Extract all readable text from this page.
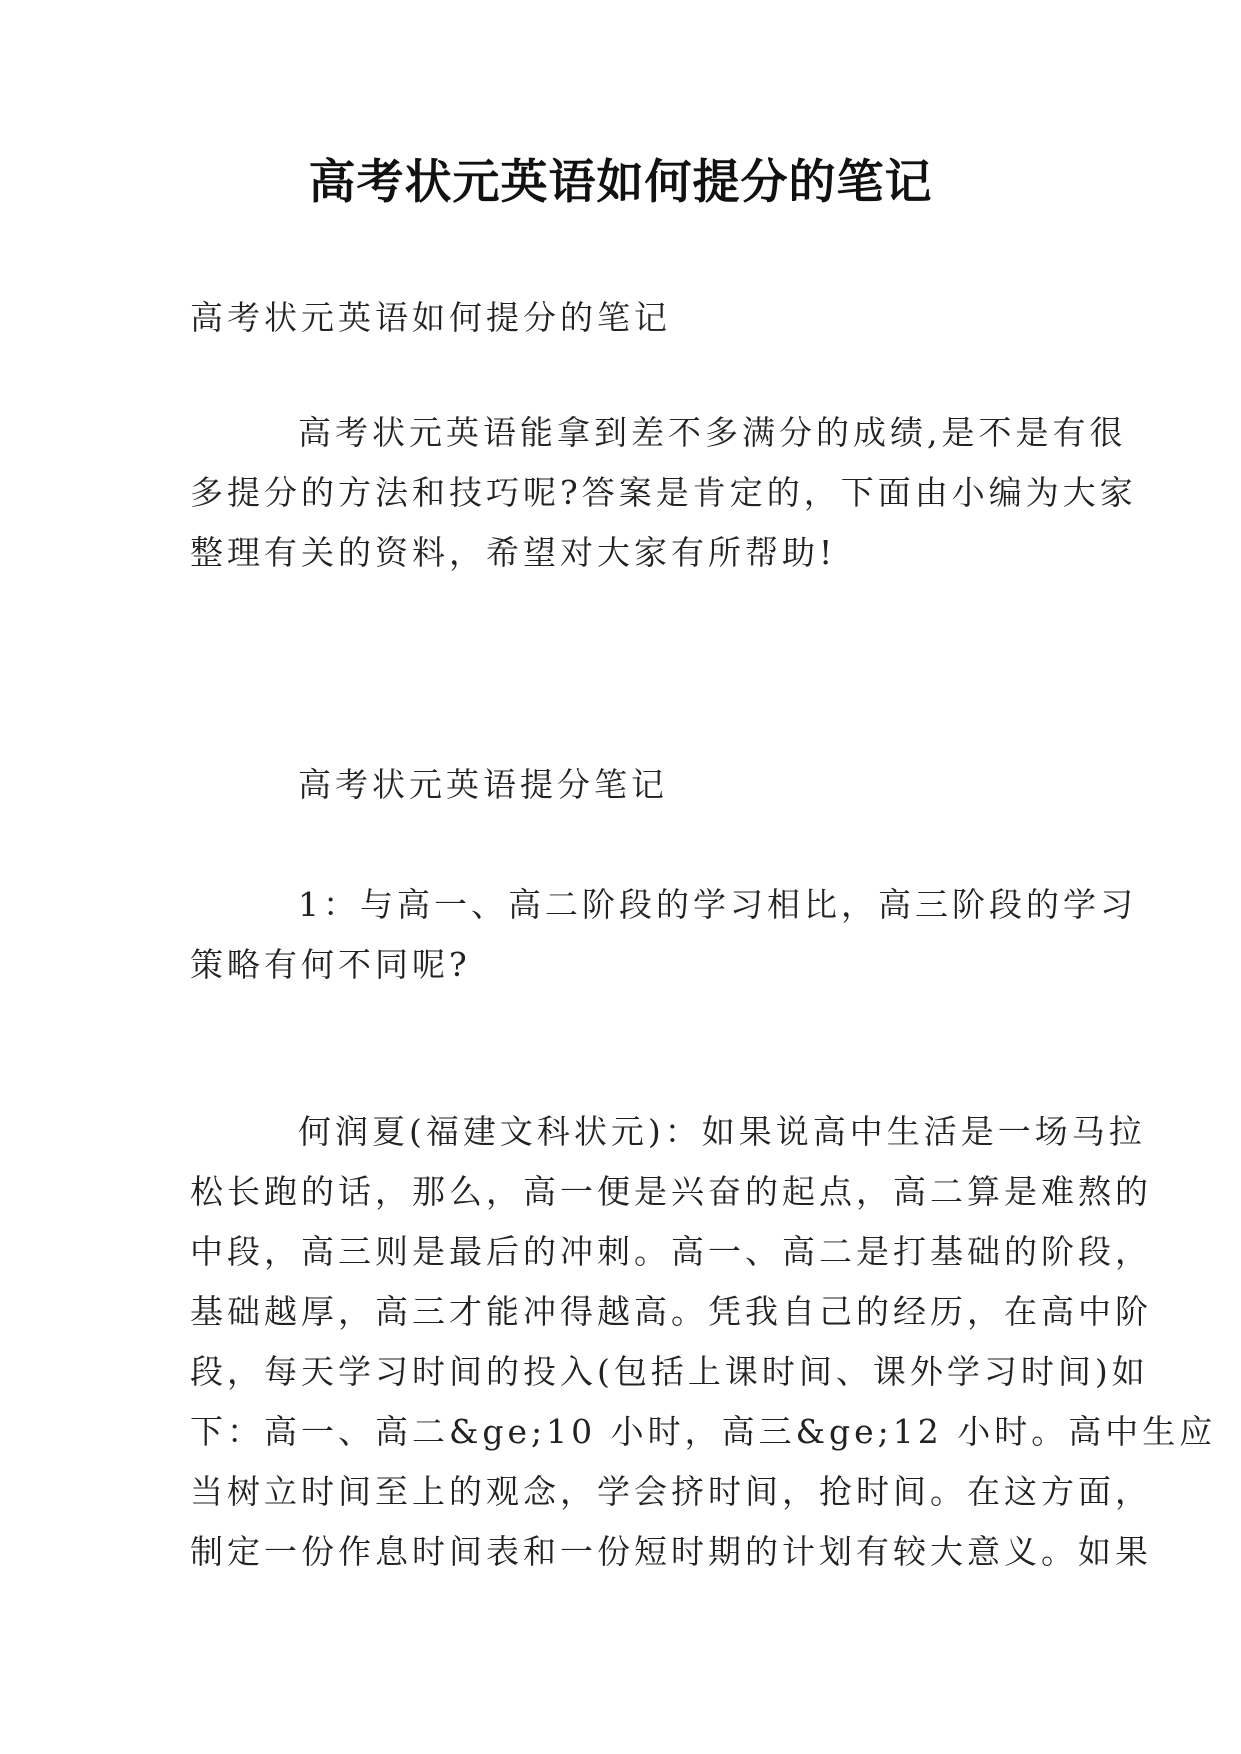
高考状元英语如何提分的笔记
高考状元英语如何提分的笔记
高考状元英语能拿到差不多满分的成绩,是不是有很
多提分的方法和技巧呢?答案是肯定的，下面由小编为大家
整理有关的资料，希望对大家有所帮助!
高考状元英语提分笔记
1：与高一、高二阶段的学习相比，高三阶段的学习
策略有何不同呢?
何润夏(福建文科状元)：如果说高中生活是一场马拉
松长跑的话，那么，高一便是兴奋的起点，高二算是难熬的
中段，高三则是最后的冲刺。高一、高二是打基础的阶段，
基础越厚，高三才能冲得越高。凭我自己的经历，在高中阶
段，每天学习时间的投入(包括上课时间、课外学习时间)如
下：高一、高二&ge;10 小时，高三&ge;12 小时。高中生应
当树立时间至上的观念，学会挤时间，抢时间。在这方面，
制定一份作息时间表和一份短时期的计划有较大意义。如果
